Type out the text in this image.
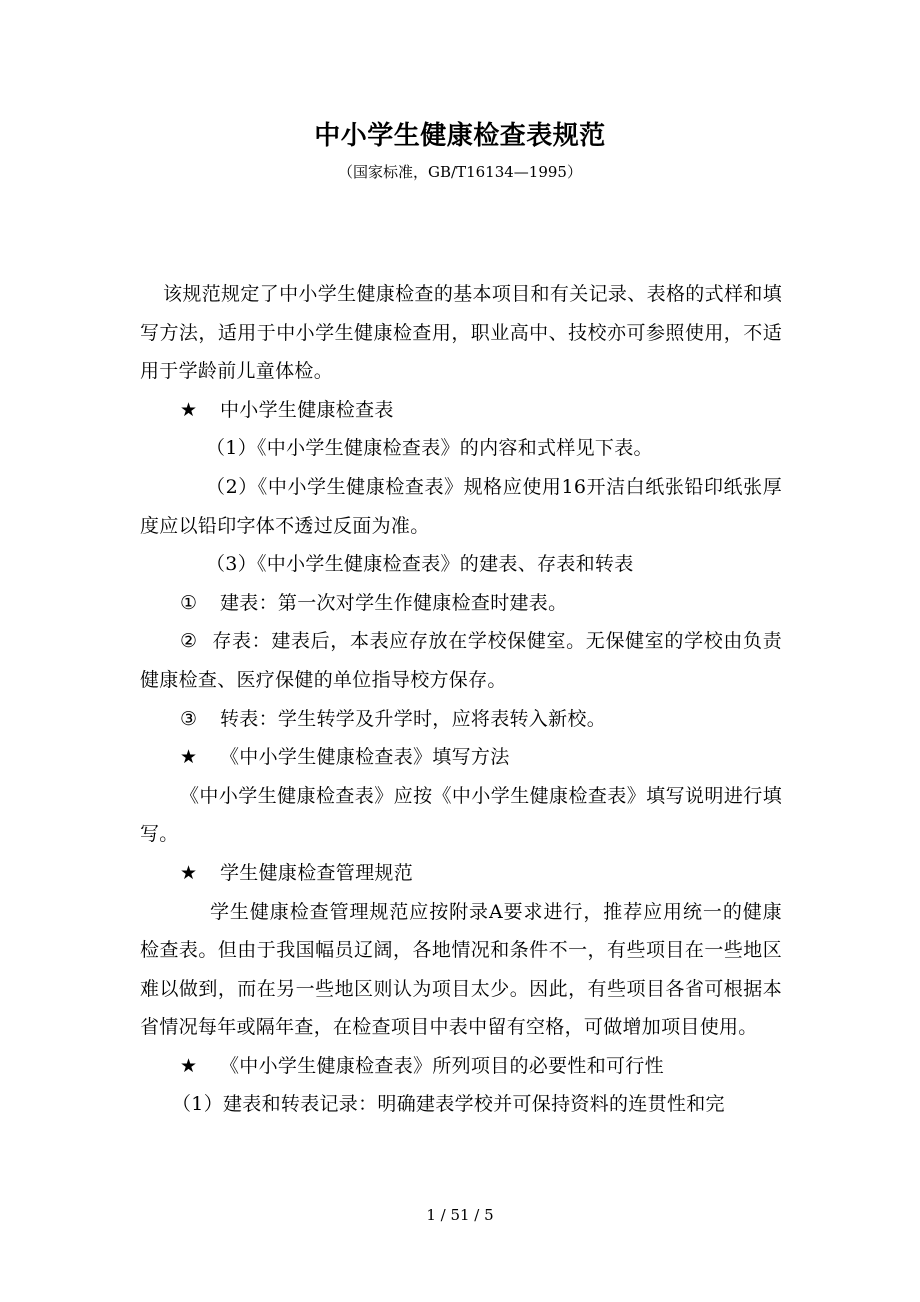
中小学生健康检查表规范
（国家标准，GB/T16134—1995）

该规范规定了中小学生健康检查的基本项目和有关记录、表格的式样和填写方法，适用于中小学生健康检查用，职业高中、技校亦可参照使用，不适用于学龄前儿童体检。

★ 中小学生健康检查表

（1）《中小学生健康检查表》的内容和式样见下表。

（2）《中小学生健康检查表》规格应使用16开洁白纸张铅印纸张厚度应以铅印字体不透过反面为准。

（3）《中小学生健康检查表》的建表、存表和转表

① 建表：第一次对学生作健康检查时建表。

② 存表：建表后，本表应存放在学校保健室。无保健室的学校由负责健康检查、医疗保健的单位指导校方保存。

③ 转表：学生转学及升学时，应将表转入新校。

★ 《中小学生健康检查表》填写方法

《中小学生健康检查表》应按《中小学生健康检查表》填写说明进行填写。

★ 学生健康检查管理规范

学生健康检查管理规范应按附录A要求进行，推荐应用统一的健康检查表。但由于我国幅员辽阔，各地情况和条件不一，有些项目在一些地区难以做到，而在另一些地区则认为项目太少。因此，有些项目各省可根据本省情况每年或隔年查，在检查项目中表中留有空格，可做增加项目使用。

★ 《中小学生健康检查表》所列项目的必要性和可行性

（1）建表和转表记录：明确建表学校并可保持资料的连贯性和完

1 / 51 / 5
